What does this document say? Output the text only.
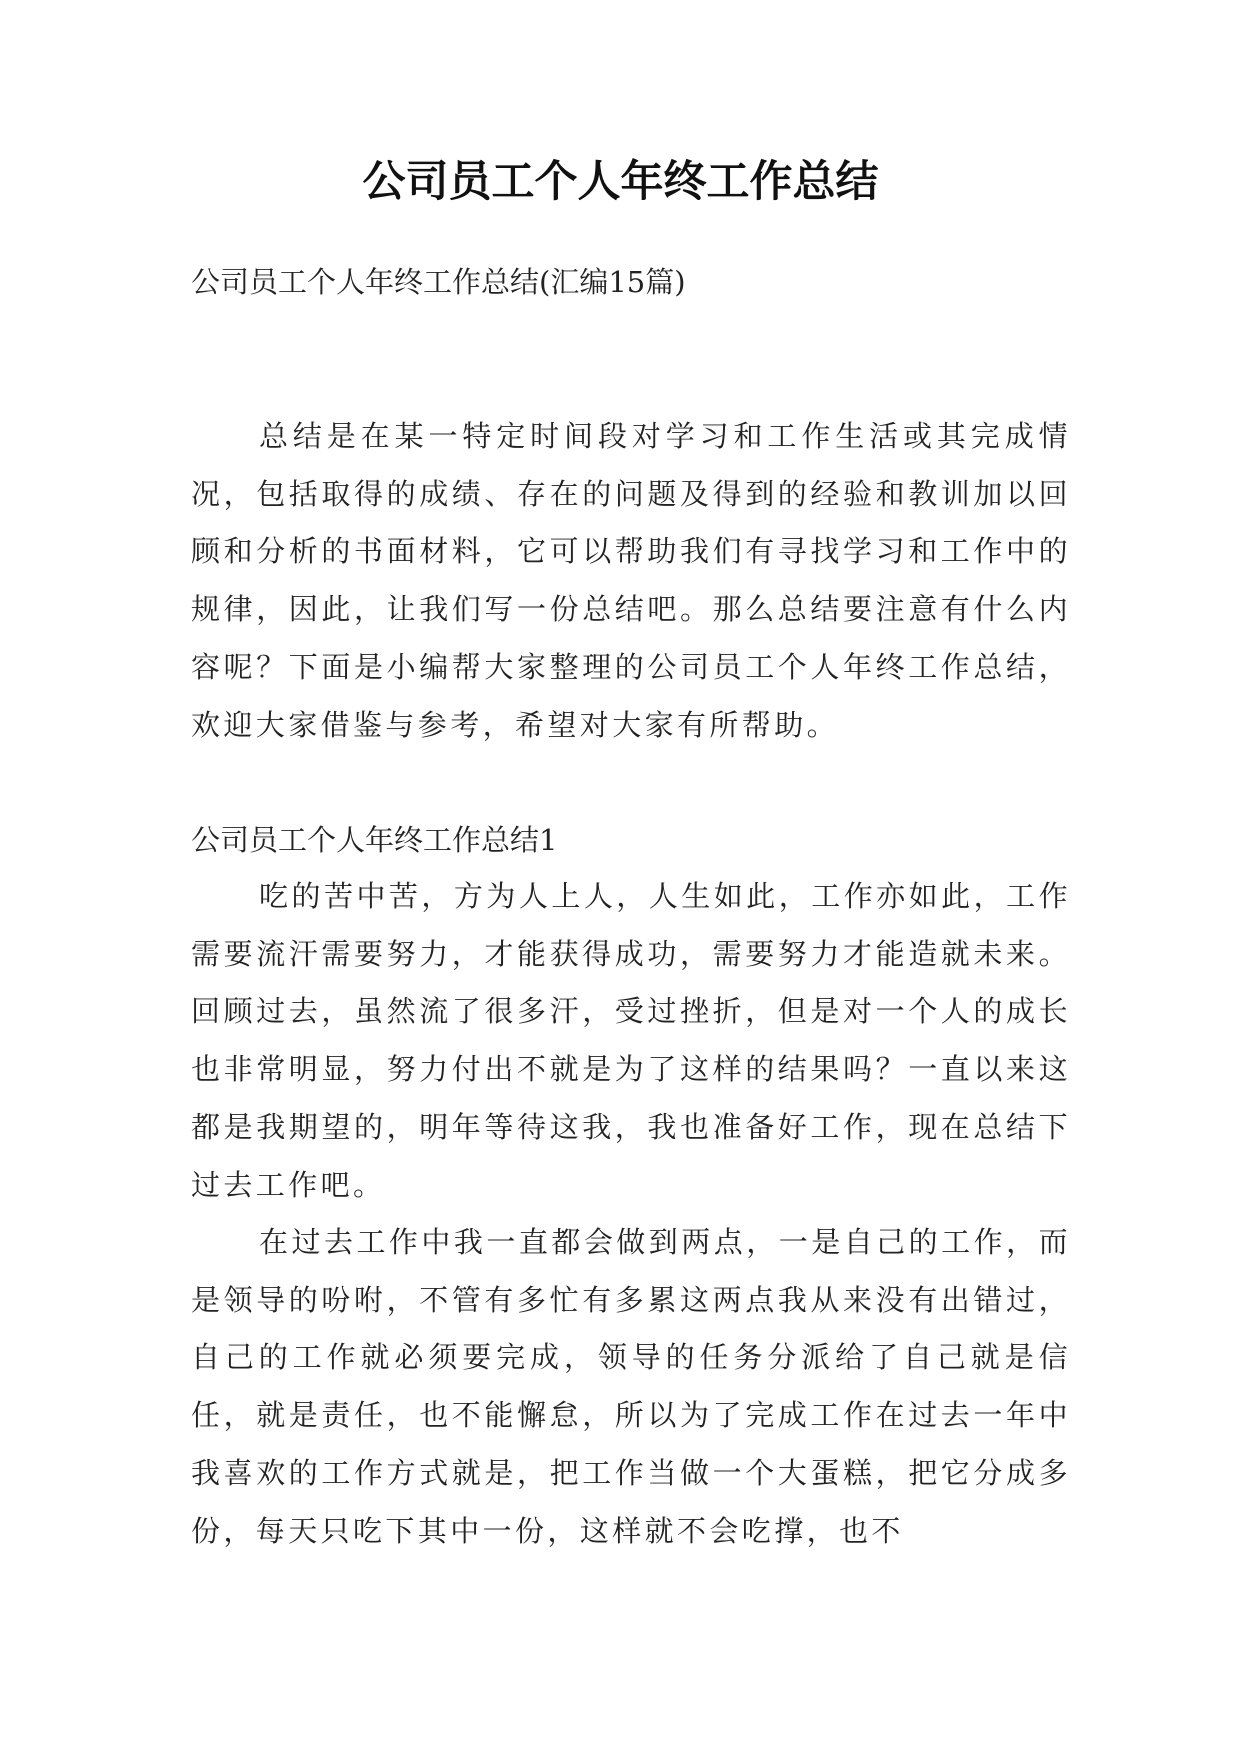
公司员工个人年终工作总结

公司员工个人年终工作总结(汇编15篇)

总结是在某一特定时间段对学习和工作生活或其完成情况，包括取得的成绩、存在的问题及得到的经验和教训加以回顾和分析的书面材料，它可以帮助我们有寻找学习和工作中的规律，因此，让我们写一份总结吧。那么总结要注意有什么内容呢？下面是小编帮大家整理的公司员工个人年终工作总结，欢迎大家借鉴与参考，希望对大家有所帮助。

公司员工个人年终工作总结1

吃的苦中苦，方为人上人，人生如此，工作亦如此，工作需要流汗需要努力，才能获得成功，需要努力才能造就未来。回顾过去，虽然流了很多汗，受过挫折，但是对一个人的成长也非常明显，努力付出不就是为了这样的结果吗？一直以来这都是我期望的，明年等待这我，我也准备好工作，现在总结下过去工作吧。

在过去工作中我一直都会做到两点，一是自己的工作，而是领导的吩咐，不管有多忙有多累这两点我从来没有出错过，自己的工作就必须要完成，领导的任务分派给了自己就是信任，就是责任，也不能懈怠，所以为了完成工作在过去一年中我喜欢的工作方式就是，把工作当做一个大蛋糕，把它分成多份，每天只吃下其中一份，这样就不会吃撑，也不
